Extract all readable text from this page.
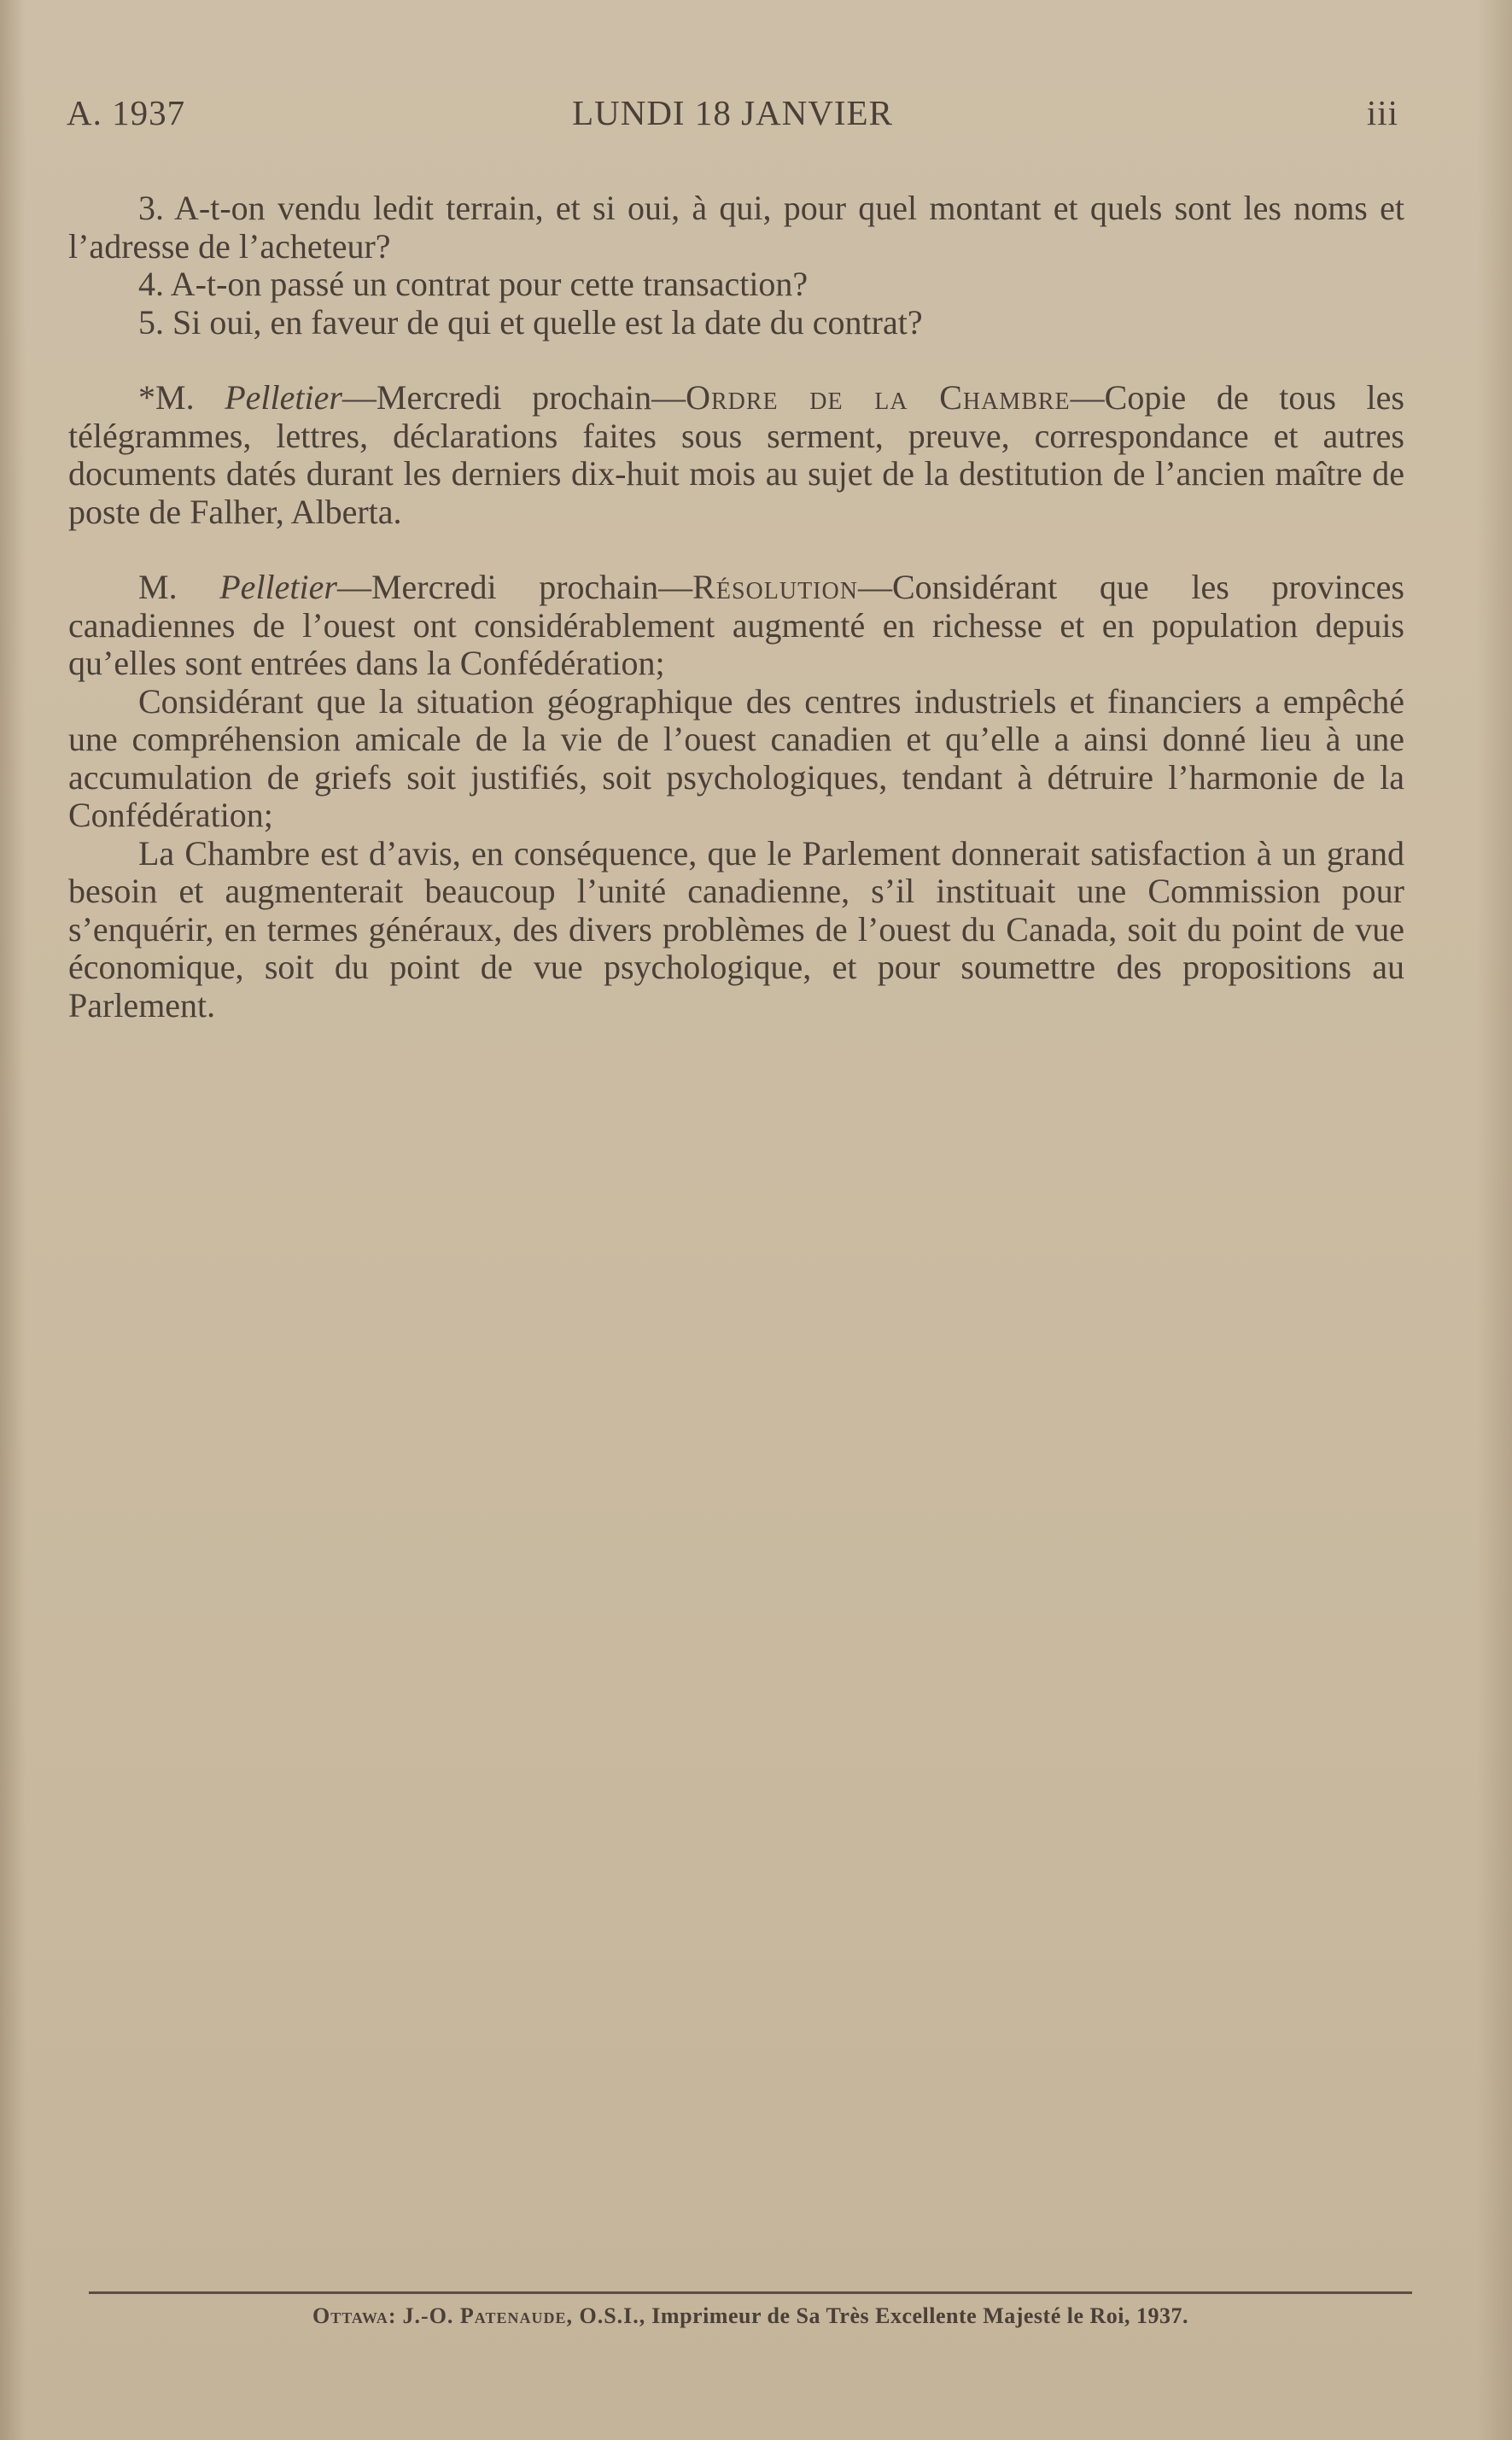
A. 1937	LUNDI 18 JANVIER	iii

3. A-t-on vendu ledit terrain, et si oui, à qui, pour quel montant et quels sont les noms et l’adresse de l’acheteur?

4. A-t-on passé un contrat pour cette transaction?

5. Si oui, en faveur de qui et quelle est la date du contrat?

*M. Pelletier—Mercredi prochain—Ordre de la Chambre—Copie de tous les télégrammes, lettres, déclarations faites sous serment, preuve, correspondance et autres documents datés durant les derniers dix-huit mois au sujet de la destitution de l’ancien maître de poste de Falher, Alberta.

M. Pelletier—Mercredi prochain—Résolution—Considérant que les provinces canadiennes de l’ouest ont considérablement augmenté en richesse et en population depuis qu’elles sont entrées dans la Confédération;

Considérant que la situation géographique des centres industriels et financiers a empêché une compréhension amicale de la vie de l’ouest canadien et qu’elle a ainsi donné lieu à une accumulation de griefs soit justifiés, soit psychologiques, tendant à détruire l’harmonie de la Confédération;

La Chambre est d’avis, en conséquence, que le Parlement donnerait satisfaction à un grand besoin et augmenterait beaucoup l’unité canadienne, s’il instituait une Commission pour s’enquérir, en termes généraux, des divers problèmes de l’ouest du Canada, soit du point de vue économique, soit du point de vue psychologique, et pour soumettre des propositions au Parlement.

Ottawa: J.-O. Patenaude, O.S.I., Imprimeur de Sa Très Excellente Majesté le Roi, 1937.
